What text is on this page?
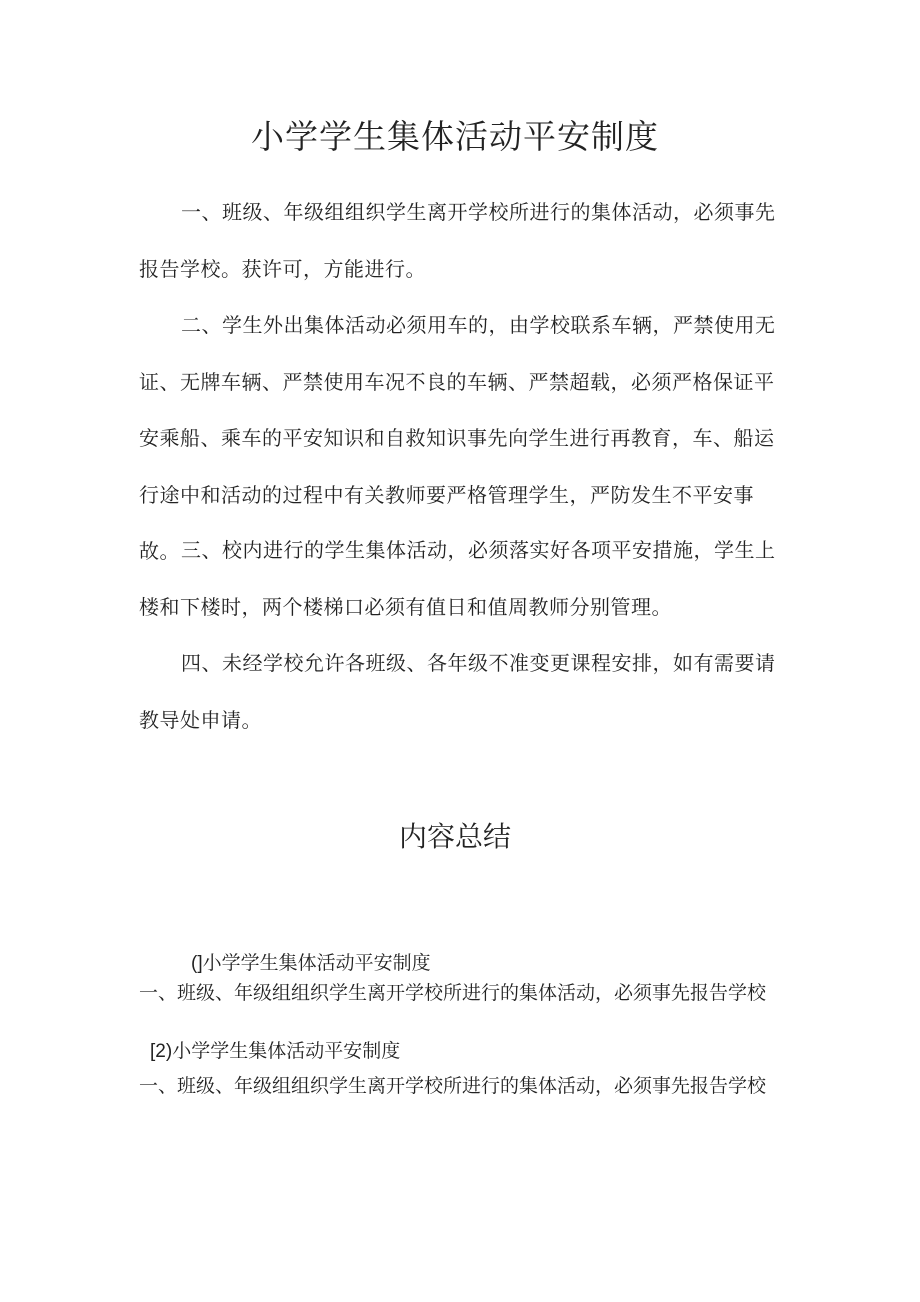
小学学生集体活动平安制度

一、班级、年级组组织学生离开学校所进行的集体活动，必须事先报告学校。获许可，方能进行。

二、学生外出集体活动必须用车的，由学校联系车辆，严禁使用无证、无牌车辆、严禁使用车况不良的车辆、严禁超载，必须严格保证平安乘船、乘车的平安知识和自救知识事先向学生进行再教育，车、船运行途中和活动的过程中有关教师要严格管理学生，严防发生不平安事故。 三、校内进行的学生集体活动，必须落实好各项平安措施，学生上楼和下楼时，两个楼梯口必须有值日和值周教师分别管理。

四、未经学校允许各班级、各年级不准变更课程安排，如有需要请教导处申请。

内容总结
(]小学学生集体活动平安制度

一、班级、年级组组织学生离开学校所进行的集体活动，必须事先报告学校

[2)小学学生集体活动平安制度

一、班级、年级组组织学生离开学校所进行的集体活动，必须事先报告学校
